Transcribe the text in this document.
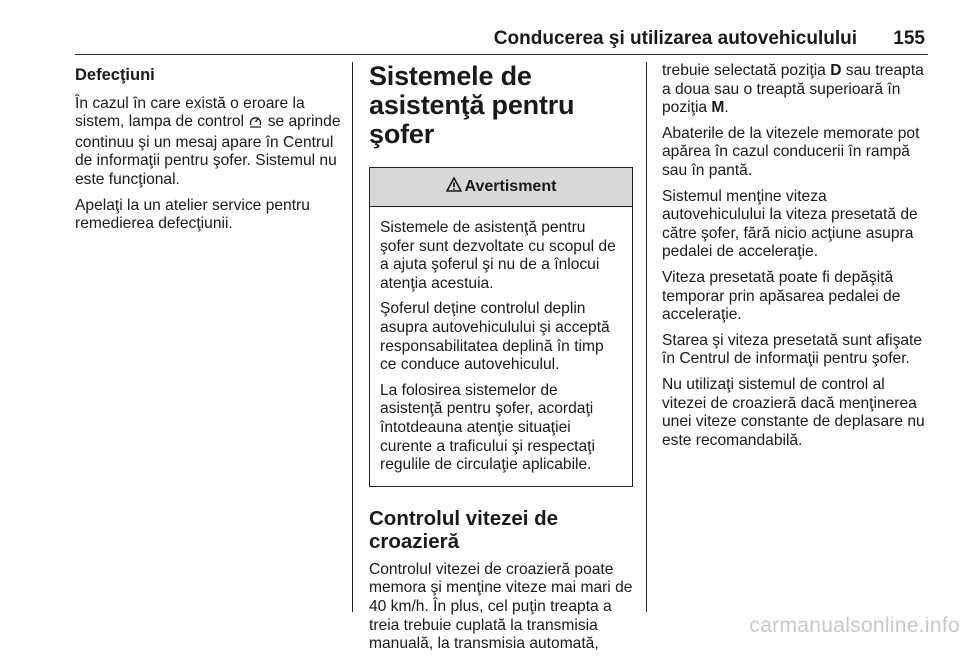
Conducerea şi utilizarea autovehiculului 155
Defecţiuni

În cazul în care există o eroare la sistem, lampa de control se aprinde continuu şi un mesaj apare în Centrul de informaţii pentru şofer. Sistemul nu este funcţional.

Apelaţi la un atelier service pentru remedierea defecţiunii.

Sistemele de asistenţă pentru şofer
Avertisment

Sistemele de asistenţă pentru şofer sunt dezvoltate cu scopul de a ajuta şoferul şi nu de a înlocui atenţia acestuia.

Şoferul deţine controlul deplin asupra autovehiculului şi acceptă responsabilitatea deplină în timp ce conduce autovehiculul.

La folosirea sistemelor de asistenţă pentru şofer, acordaţi întotdeauna atenţie situaţiei curente a traficului şi respectaţi regulile de circulaţie aplicabile.

Controlul vitezei de croazieră

Controlul vitezei de croazieră poate memora şi menţine viteze mai mari de 40 km/h. În plus, cel puţin treapta a treia trebuie cuplată la transmisia manuală, la transmisia automată,

trebuie selectată poziţia D sau treapta a doua sau o treaptă superioară în poziţia M.

Abaterile de la vitezele memorate pot apărea în cazul conducerii în rampă sau în pantă.

Sistemul menţine viteza autovehiculului la viteza presetată de către şofer, fără nicio acţiune asupra pedalei de acceleraţie.

Viteza presetată poate fi depăşită temporar prin apăsarea pedalei de acceleraţie.

Starea şi viteza presetată sunt afişate în Centrul de informaţii pentru şofer.

Nu utilizaţi sistemul de control al vitezei de croazieră dacă menţinerea unei viteze constante de deplasare nu este recomandabilă.

carmanualsonline.info
